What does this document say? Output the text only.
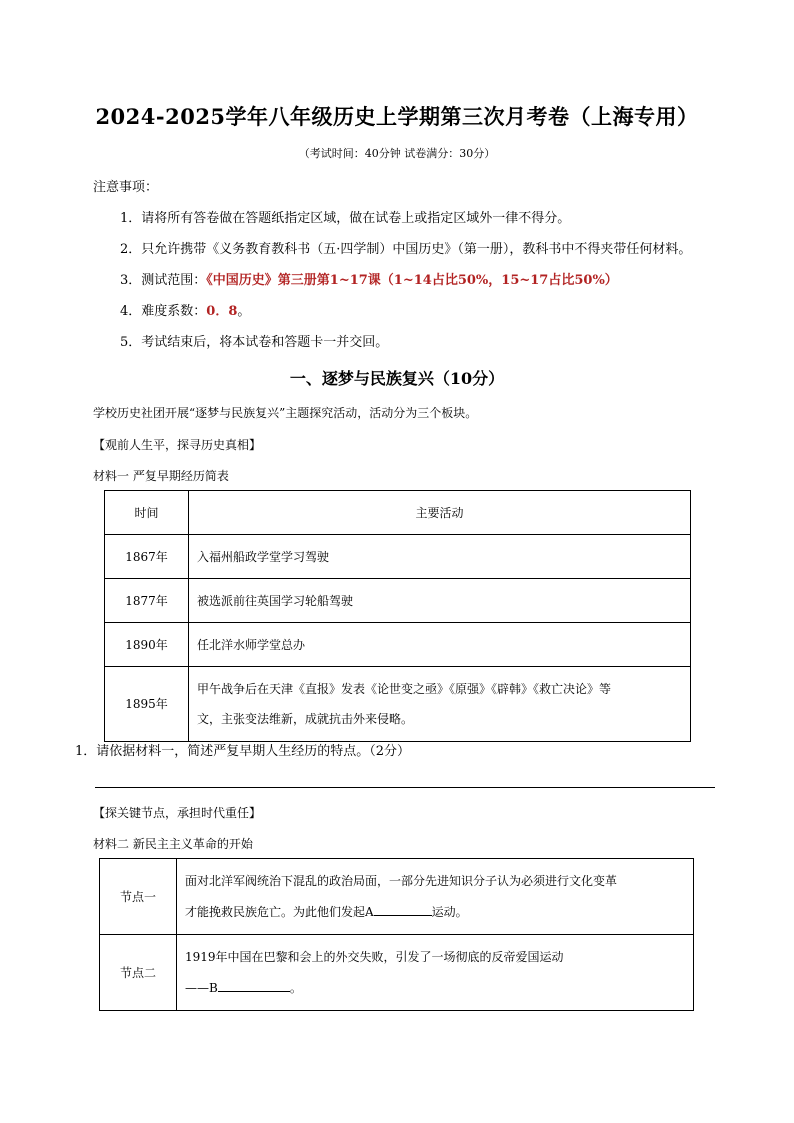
2024-2025学年八年级历史上学期第三次月考卷（上海专用）
（考试时间：40分钟 试卷满分：30分）
注意事项：
1．请将所有答卷做在答题纸指定区域，做在试卷上或指定区域外一律不得分。
2．只允许携带《义务教育教科书（五·四学制）中国历史》（第一册），教科书中不得夹带任何材料。
3．测试范围：《中国历史》第三册第1~17课（1~14占比50%，15~17占比50%）
4．难度系数：0．8。
5．考试结束后，将本试卷和答题卡一并交回。
一、逐梦与民族复兴（10分）
学校历史社团开展“逐梦与民族复兴”主题探究活动，活动分为三个板块。
【观前人生平，探寻历史真相】
材料一 严复早期经历简表
时间	主要活动
1867年	入福州船政学堂学习驾驶
1877年	被选派前往英国学习轮船驾驶
1890年	任北洋水师学堂总办
1895年	甲午战争后在天津《直报》发表《论世变之亟》《原强》《辟韩》《救亡决论》等
文，主张变法维新，成就抗击外来侵略。
1．请依据材料一，简述严复早期人生经历的特点。（2分）
【探关键节点，承担时代重任】
材料二 新民主主义革命的开始
节点一	面对北洋军阀统治下混乱的政治局面，一部分先进知识分子认为必须进行文化变革
才能挽救民族危亡。为此他们发起A 运动。
节点二	1919年中国在巴黎和会上的外交失败，引发了一场彻底的反帝爱国运动
——B 。
